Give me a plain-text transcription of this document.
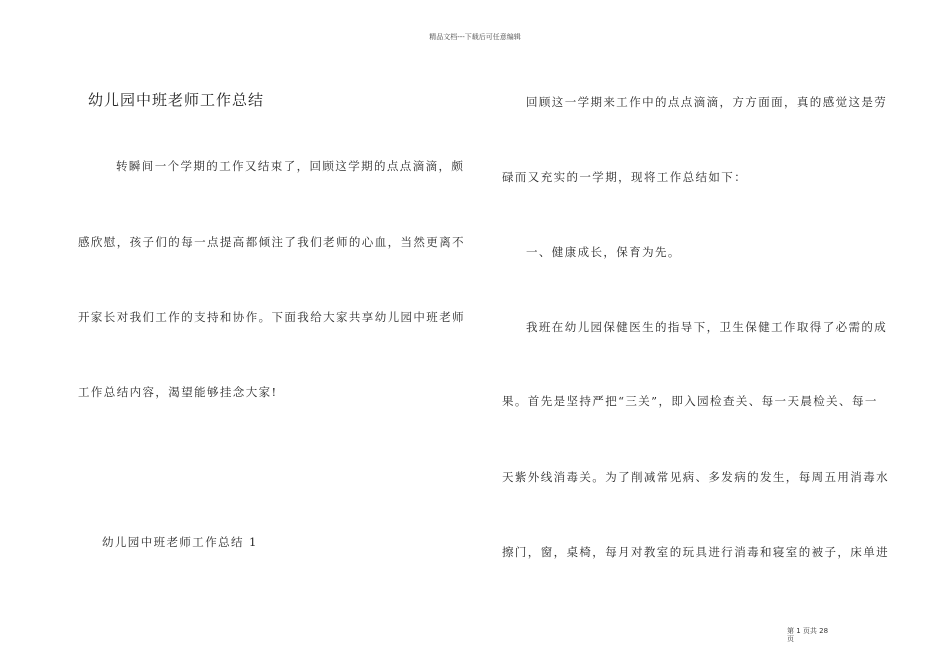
精品文档---下载后可任意编辑
幼儿园中班老师工作总结
转瞬间一个学期的工作又结束了，回顾这学期的点点滴滴，颇
感欣慰，孩子们的每一点提高都倾注了我们老师的心血，当然更离不
开家长对我们工作的支持和协作。下面我给大家共享幼儿园中班老师
工作总结内容，渴望能够挂念大家!
幼儿园中班老师工作总结 1
回顾这一学期来工作中的点点滴滴，方方面面，真的感觉这是劳
碌而又充实的一学期，现将工作总结如下：
一、健康成长，保育为先。
我班在幼儿园保健医生的指导下，卫生保健工作取得了必需的成
果。首先是坚持严把“三关”，即入园检查关、每一天晨检关、每一
天紫外线消毒关。为了削减常见病、多发病的发生，每周五用消毒水
擦门，窗，桌椅，每月对教室的玩具进行消毒和寝室的被子，床单进
第 1 页共 28 页
